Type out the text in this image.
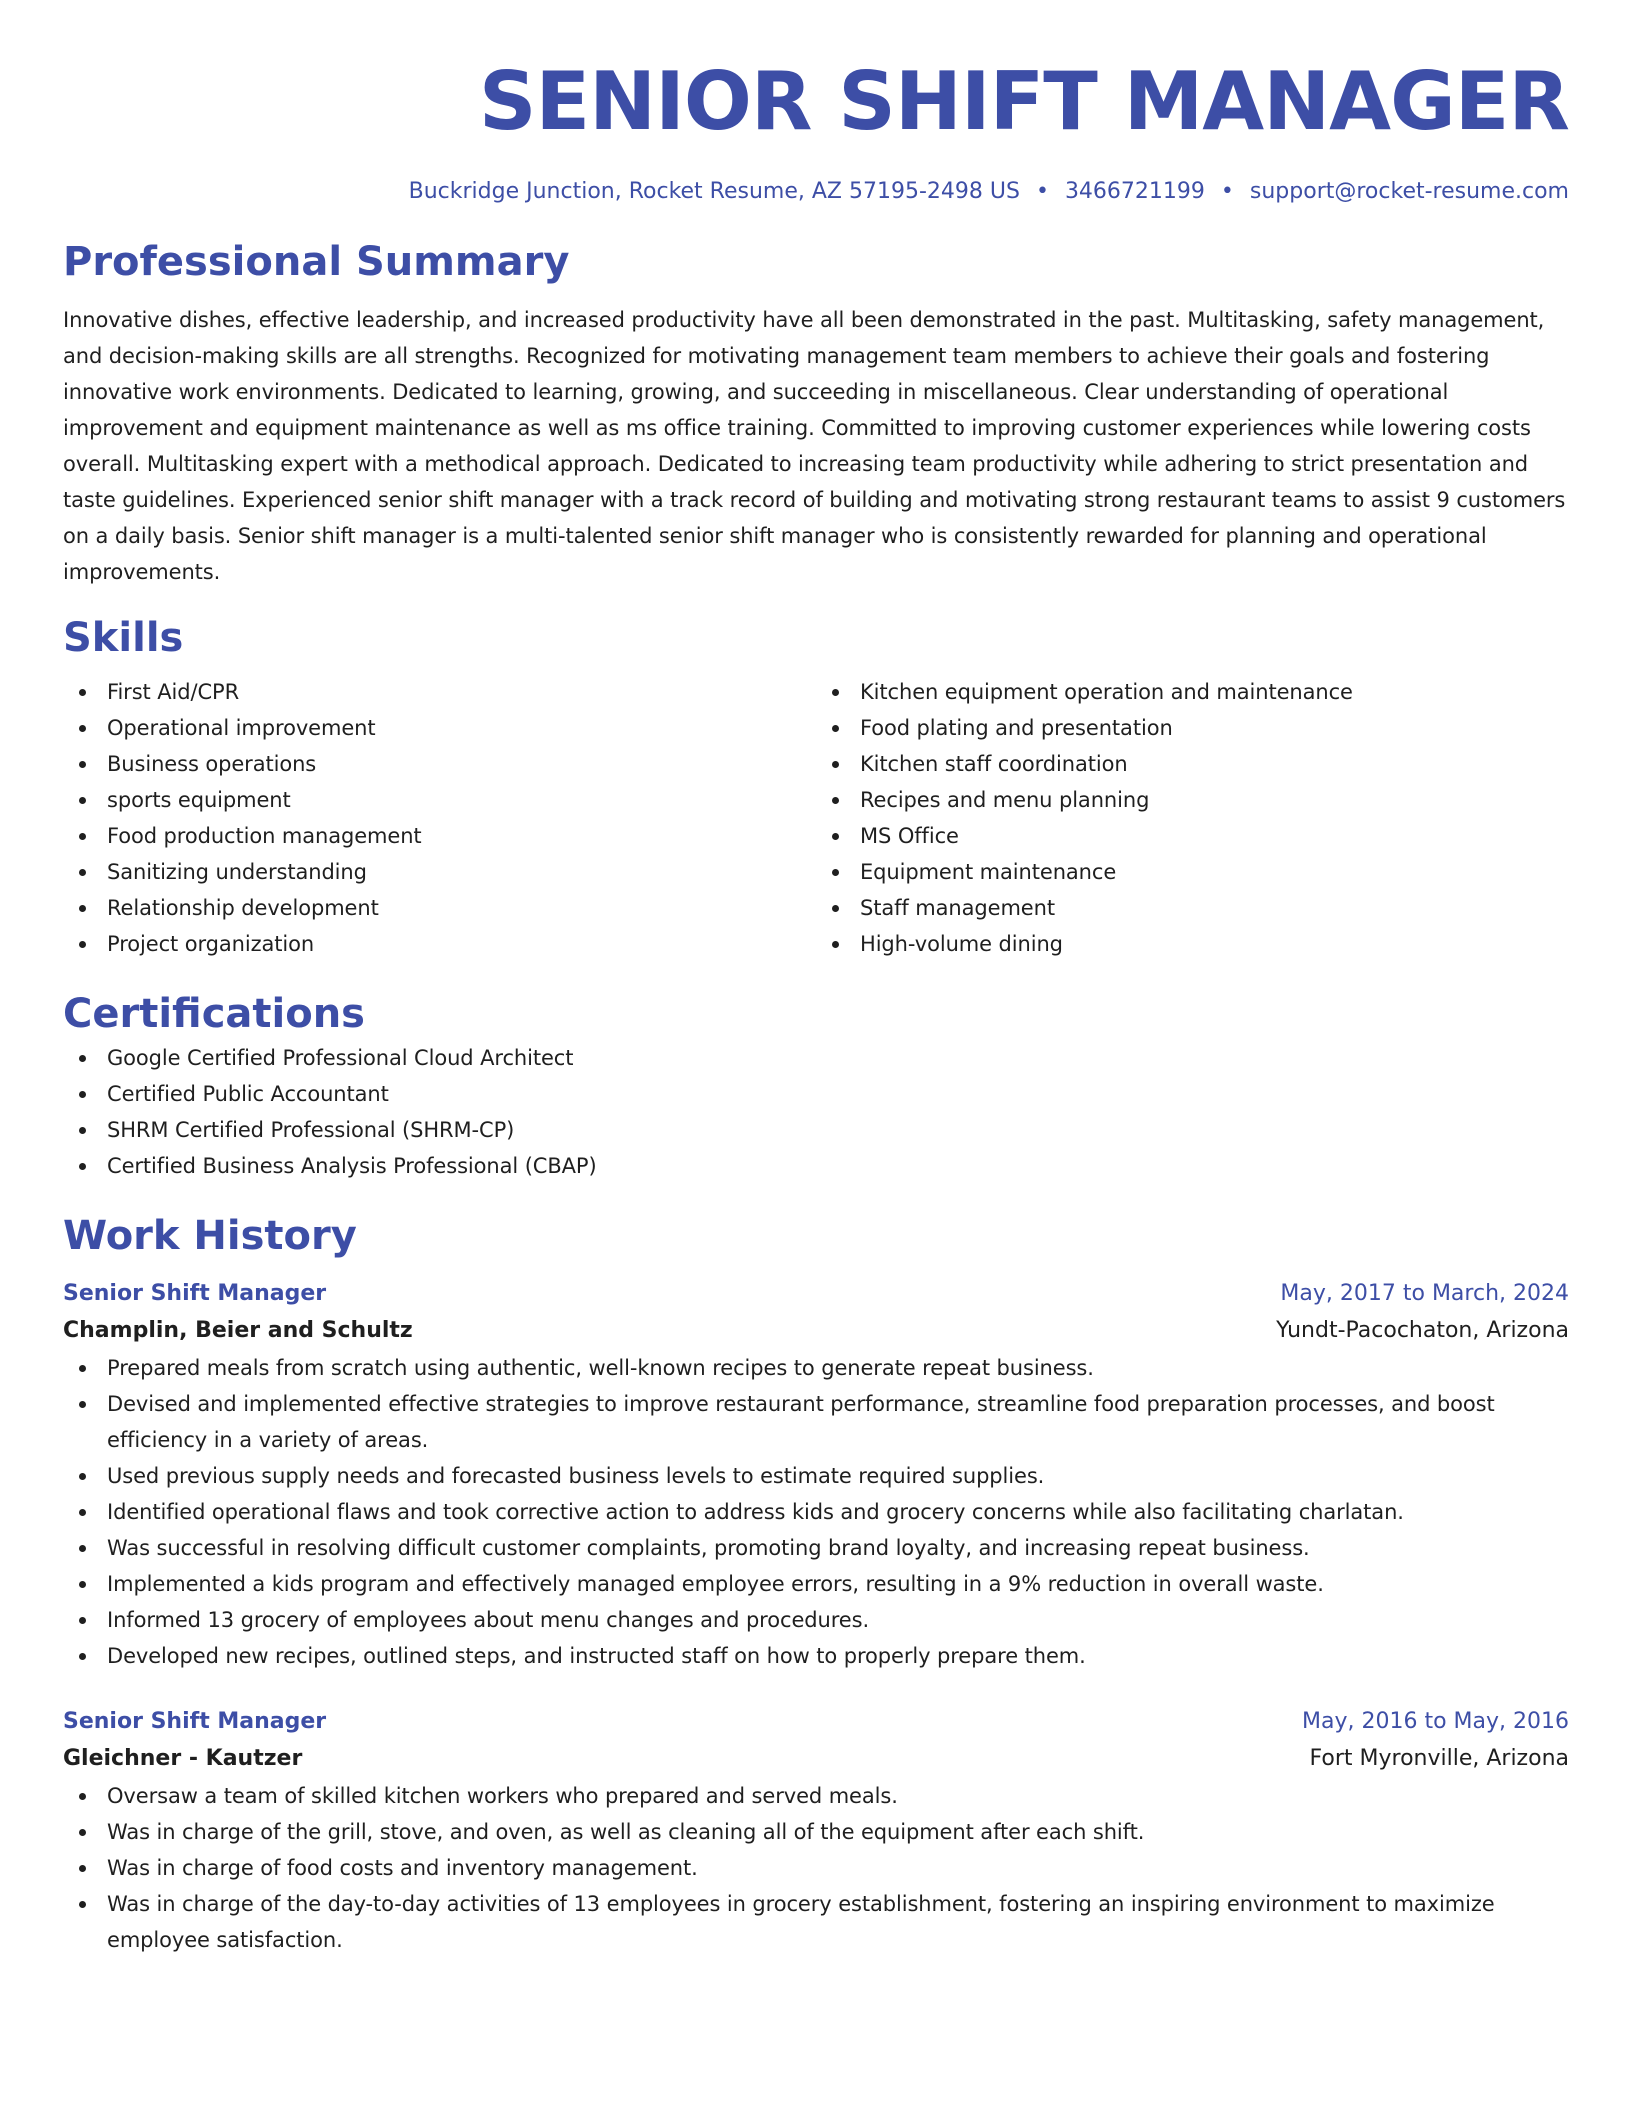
SENIOR SHIFT MANAGER
Buckridge Junction, Rocket Resume, AZ 57195-2498 US • 3466721199 • support@rocket-resume.com
Professional Summary

Innovative dishes, effective leadership, and increased productivity have all been demonstrated in the past. Multitasking, safety management, and decision-making skills are all strengths. Recognized for motivating management team members to achieve their goals and fostering innovative work environments. Dedicated to learning, growing, and succeeding in miscellaneous. Clear understanding of operational improvement and equipment maintenance as well as ms office training. Committed to improving customer experiences while lowering costs overall. Multitasking expert with a methodical approach. Dedicated to increasing team productivity while adhering to strict presentation and taste guidelines. Experienced senior shift manager with a track record of building and motivating strong restaurant teams to assist 9 customers on a daily basis. Senior shift manager is a multi-talented senior shift manager who is consistently rewarded for planning and operational improvements.

Skills
First Aid/CPR
Operational improvement
Business operations
sports equipment
Food production management
Sanitizing understanding
Relationship development
Project organization
Kitchen equipment operation and maintenance
Food plating and presentation
Kitchen staff coordination
Recipes and menu planning
MS Office
Equipment maintenance
Staff management
High-volume dining
Certifications
Google Certified Professional Cloud Architect
Certified Public Accountant
SHRM Certified Professional (SHRM-CP)
Certified Business Analysis Professional (CBAP)
Work History
Senior Shift Manager	May, 2017 to March, 2024
Champlin, Beier and Schultz	Yundt-Pacochaton, Arizona
Prepared meals from scratch using authentic, well-known recipes to generate repeat business.
Devised and implemented effective strategies to improve restaurant performance, streamline food preparation processes, and boost efficiency in a variety of areas.
Used previous supply needs and forecasted business levels to estimate required supplies.
Identified operational flaws and took corrective action to address kids and grocery concerns while also facilitating charlatan.
Was successful in resolving difficult customer complaints, promoting brand loyalty, and increasing repeat business.
Implemented a kids program and effectively managed employee errors, resulting in a 9% reduction in overall waste.
Informed 13 grocery of employees about menu changes and procedures.
Developed new recipes, outlined steps, and instructed staff on how to properly prepare them.
Senior Shift Manager	May, 2016 to May, 2016
Gleichner - Kautzer	Fort Myronville, Arizona
Oversaw a team of skilled kitchen workers who prepared and served meals.
Was in charge of the grill, stove, and oven, as well as cleaning all of the equipment after each shift.
Was in charge of food costs and inventory management.
Was in charge of the day-to-day activities of 13 employees in grocery establishment, fostering an inspiring environment to maximize employee satisfaction.
